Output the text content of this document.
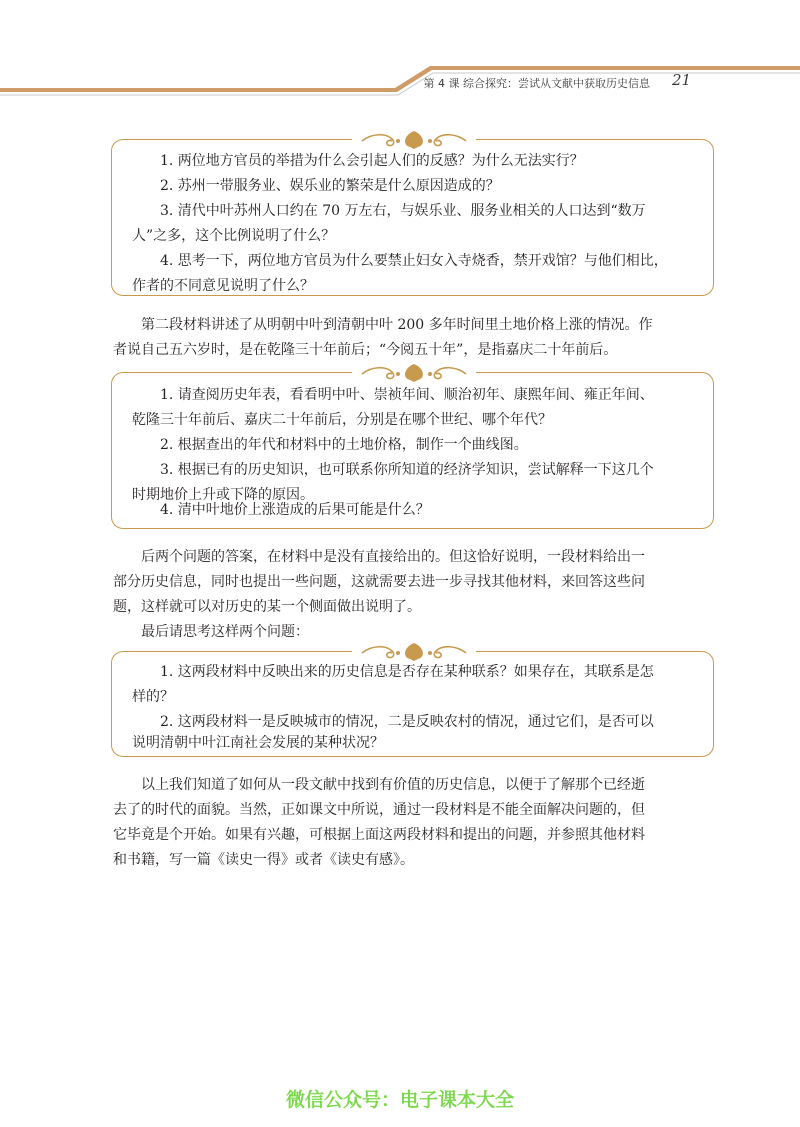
第 4 课 综合探究：尝试从文献中获取历史信息 21

1. 两位地方官员的举措为什么会引起人们的反感？为什么无法实行？

2. 苏州一带服务业、娱乐业的繁荣是什么原因造成的？

3. 清代中叶苏州人口约在 70 万左右，与娱乐业、服务业相关的人口达到“数万

人”之多，这个比例说明了什么？

4. 思考一下，两位地方官员为什么要禁止妇女入寺烧香，禁开戏馆？与他们相比，

作者的不同意见说明了什么？

第二段材料讲述了从明朝中叶到清朝中叶 200 多年时间里土地价格上涨的情况。作

者说自己五六岁时，是在乾隆三十年前后；“今阅五十年”，是指嘉庆二十年前后。

1. 请查阅历史年表，看看明中叶、崇祯年间、顺治初年、康熙年间、雍正年间、

乾隆三十年前后、嘉庆二十年前后，分别是在哪个世纪、哪个年代？

2. 根据查出的年代和材料中的土地价格，制作一个曲线图。

3. 根据已有的历史知识，也可联系你所知道的经济学知识，尝试解释一下这几个

时期地价上升或下降的原因。

4. 清中叶地价上涨造成的后果可能是什么？

后两个问题的答案，在材料中是没有直接给出的。但这恰好说明，一段材料给出一

部分历史信息，同时也提出一些问题，这就需要去进一步寻找其他材料，来回答这些问

题，这样就可以对历史的某一个侧面做出说明了。

最后请思考这样两个问题：

1. 这两段材料中反映出来的历史信息是否存在某种联系？如果存在，其联系是怎

样的？

2. 这两段材料一是反映城市的情况，二是反映农村的情况，通过它们，是否可以

说明清朝中叶江南社会发展的某种状况？

以上我们知道了如何从一段文献中找到有价值的历史信息，以便于了解那个已经逝

去了的时代的面貌。当然，正如课文中所说，通过一段材料是不能全面解决问题的，但

它毕竟是个开始。如果有兴趣，可根据上面这两段材料和提出的问题，并参照其他材料

和书籍，写一篇《读史一得》或者《读史有感》。

微信公众号：电子课本大全
